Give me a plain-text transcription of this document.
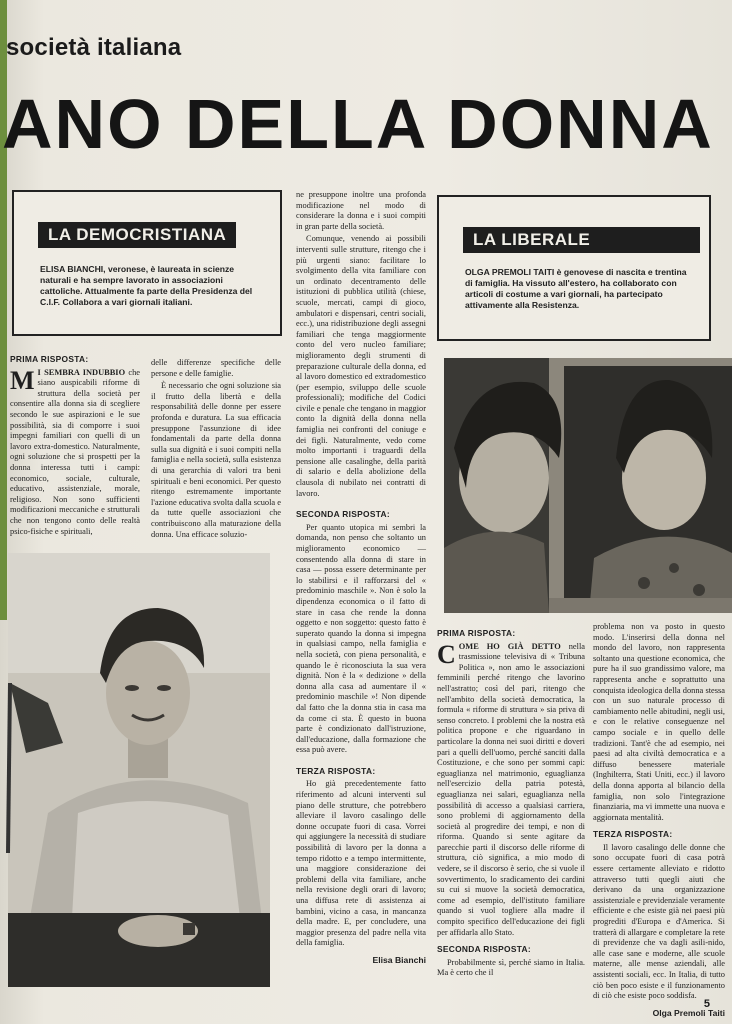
società italiana
ANO DELLA DONNA
LA DEMOCRISTIANA
ELISA BIANCHI, veronese, è laureata in scienze naturali e ha sempre lavorato in associazioni cattoliche. Attualmente fa parte della Presidenza del C.I.F. Collabora a vari giornali italiani.
LA LIBERALE
OLGA PREMOLI TAITI è genovese di nascita e trentina di famiglia. Ha vissuto all'estero, ha collaborato con articoli di costume a vari giornali, ha partecipato attivamente alla Resistenza.
PRIMA RISPOSTA:

M I SEMBRA INDUBBIO che siano auspicabili riforme di struttura della società per consentire alla donna sia di scegliere secondo le sue aspirazioni e le sue possibilità, sia di comporre i suoi impegni familiari con quelli di un lavoro extra-domestico. Naturalmente, ogni soluzione che si prospetti per la donna interessa tutti i campi: economico, sociale, culturale, educativo, assistenziale, morale, religioso. Non sono sufficienti modificazioni meccaniche e strutturali che non tengono conto delle realtà psico-fisiche e spirituali,

delle differenze specifiche delle persone e delle famiglie.

È necessario che ogni soluzione sia il frutto della libertà e della responsabilità delle donne per essere profonda e duratura. La sua efficacia presuppone l'assunzione di idee fondamentali da parte della donna sulla sua dignità e i suoi compiti nella famiglia e nella società, sulla esistenza di una gerarchia di valori tra beni spirituali e beni economici. Per questo ritengo estremamente importante l'azione educativa svolta dalla scuola e da tutte quelle associazioni che contribuiscono alla maturazione della donna. Una efficace soluzio-

ne presuppone inoltre una profonda modificazione nel modo di considerare la donna e i suoi compiti in gran parte della società.

Comunque, venendo ai possibili interventi sulle strutture, ritengo che i più urgenti siano: facilitare lo svolgimento della vita familiare con un ordinato decentramento delle istituzioni di pubblica utilità (chiese, scuole, mercati, campi di gioco, ambulatori e dispensari, centri sociali, ecc.), una ridistribuzione degli assegni familiari che tenga maggiormente conto del vero nucleo familiare; miglioramento degli strumenti di preparazione culturale della donna, ed al lavoro domestico ed extradomestico (per esempio, sviluppo delle scuole professionali); modifiche del Codici civile e penale che tengano in maggior conto la dignità della donna nella famiglia nei confronti del coniuge e dei figli. Naturalmente, vedo come molto importanti i traguardi della pensione alle casalinghe, della parità di salario e della abolizione della clausola di nubilato nei contratti di lavoro.

SECONDA RISPOSTA:

Per quanto utopica mi sembri la domanda, non penso che soltanto un miglioramento economico — consentendo alla donna di stare in casa — possa essere determinante per lo stabilirsi e il rafforzarsi del « predominio maschile ». Non è solo la dipendenza economica o il fatto di stare in casa che rende la donna oggetto e non soggetto: questo fatto è superato quando la donna si impegna in qualsiasi campo, nella famiglia e nella società, con piena personalità, e quando le è riconosciuta la sua vera dignità. Non è la « dedizione » della donna alla casa ad aumentare il « predominio maschile »! Non dipende dal fatto che la donna stia in casa ma da come ci sta. È questo in buona parte è condizionato dall'istruzione, dall'educazione, dalla formazione che essa può avere.

TERZA RISPOSTA:

Ho già precedentemente fatto riferimento ad alcuni interventi sul piano delle strutture, che potrebbero alleviare il lavoro casalingo delle donne occupate fuori di casa. Vorrei qui aggiungere la necessità di studiare possibilità di lavoro per la donna a tempo ridotto e a tempo intermittente, una maggiore considerazione dei problemi della vita familiare, anche nella revisione degli orari di lavoro; una diffusa rete di assistenza ai bambini, vicino a casa, in mancanza della madre. E, per concludere, una maggior presenza del padre nella vita della famiglia.

Elisa Bianchi
PRIMA RISPOSTA:

C OME HO GIÀ DETTO nella trasmissione televisiva di « Tribuna Politica », non amo le associazioni femminili perché ritengo che lavorino nell'astratto; così del pari, ritengo che nell'ambito della società democratica, la formula « riforme di struttura » sia priva di senso concreto. I problemi che la nostra età politica propone e che riguardano in particolare la donna nei suoi diritti e doveri pari a quelli dell'uomo, perché sanciti dalla Costituzione, e che sono per sommi capi: eguaglianza nel matrimonio, eguaglianza nell'esercizio della patria potestà, eguaglianza nei salari, eguaglianza nella possibilità di accesso a qualsiasi carriera, sono problemi di aggiornamento della società al progredire dei tempi, e non di riforma. Quando si sente agitare da parecchie parti il discorso delle riforme di struttura, ciò significa, a mio modo di vedere, se il discorso è serio, che si vuole il sovvertimento, lo sradicamento dei cardini su cui si muove la società democratica, come ad esempio, dell'istituto familiare quando si vuol togliere alla madre il compito specifico dell'educazione dei figli per affidarla allo Stato.

SECONDA RISPOSTA:

Probabilmente sì, perché siamo in Italia. Ma è certo che il

problema non va posto in questo modo. L'inserirsi della donna nel mondo del lavoro, non rappresenta soltanto una questione economica, che pure ha il suo grandissimo valore, ma rappresenta anche e soprattutto una conquista ideologica della donna stessa con un suo naturale processo di cambiamento nelle abitudini, negli usi, e con le relative conseguenze nel campo sociale e in quello delle tradizioni. Tant'è che ad esempio, nei paesi ad alta civiltà democratica e a diffuso benessere materiale (Inghilterra, Stati Uniti, ecc.) il lavoro della donna apporta al bilancio della famiglia, non solo l'integrazione finanziaria, ma vi immette una nuova e aggiornata mentalità.

TERZA RISPOSTA:

Il lavoro casalingo delle donne che sono occupate fuori di casa potrà essere certamente alleviato e ridotto attraverso tutti quegli aiuti che derivano da una organizzazione assistenziale e previdenziale veramente efficiente e che esiste già nei paesi più progrediti d'Europa e d'America. Si tratterà di allargare e completare la rete di previdenze che va dagli asili-nido, alle case sane e moderne, alle scuole materne, alle mense aziendali, alle assistenti sociali, ecc. In Italia, di tutto ciò ben poco esiste e il funzionamento di ciò che esiste poco soddisfa.

Olga Premoli Taiti
5
